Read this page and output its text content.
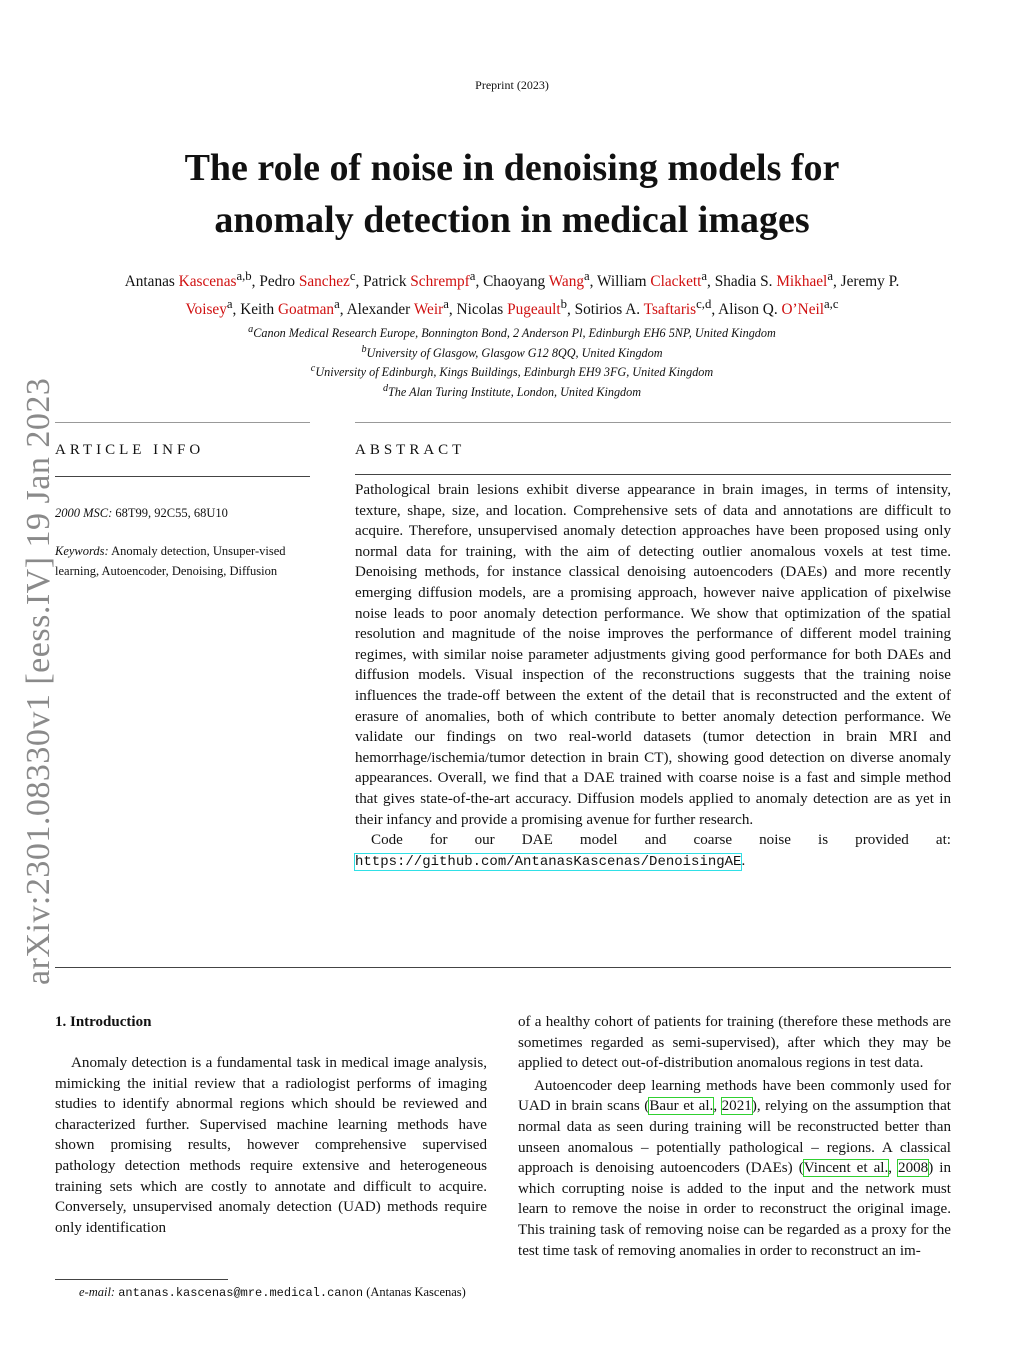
Preprint (2023)
The role of noise in denoising models for
anomaly detection in medical images
Antanas Kascenas$^{a,b}$, Pedro Sanchez$^c$, Patrick Schrempf$^a$, Chaoyang Wang$^a$, William Clackett$^a$, Shadia S. Mikhael$^a$, Jeremy P.
Voisey$^a$, Keith Goatman$^a$, Alexander Weir$^a$, Nicolas Pugeault$^b$, Sotirios A. Tsaftaris$^{c,d}$, Alison Q. O’Neil$^{a,c}$
$^a$Canon Medical Research Europe, Bonnington Bond, 2 Anderson Pl, Edinburgh EH6 5NP, United Kingdom
$^b$University of Glasgow, Glasgow G12 8QQ, United Kingdom
$^c$University of Edinburgh, Kings Buildings, Edinburgh EH9 3FG, United Kingdom
$^d$The Alan Turing Institute, London, United Kingdom
arXiv:2301.08330v1 [eess.IV] 19 Jan 2023
ARTICLE INFO
2000 MSC: 68T99, 92C55, 68U10
Keywords: Anomaly detection, Unsuper-vised learning, Autoencoder, Denoising, Diffusion
ABSTRACT

Pathological brain lesions exhibit diverse appearance in brain images, in terms of intensity, texture, shape, size, and location. Comprehensive sets of data and annotations are difficult to acquire. Therefore, unsupervised anomaly detection approaches have been proposed using only normal data for training, with the aim of detecting outlier anomalous voxels at test time. Denoising methods, for instance classical denoising autoencoders (DAEs) and more recently emerging diffusion models, are a promising approach, however naive application of pixelwise noise leads to poor anomaly detection performance. We show that optimization of the spatial resolution and magnitude of the noise improves the performance of different model training regimes, with similar noise parameter adjustments giving good performance for both DAEs and diffusion models. Visual inspection of the reconstructions suggests that the training noise influences the trade-off between the extent of the detail that is reconstructed and the extent of erasure of anomalies, both of which contribute to better anomaly detection performance. We validate our findings on two real-world datasets (tumor detection in brain MRI and hemorrhage/ischemia/tumor detection in brain CT), showing good detection on diverse anomaly appearances. Overall, we find that a DAE trained with coarse noise is a fast and simple method that gives state-of-the-art accuracy. Diffusion models applied to anomaly detection are as yet in their infancy and provide a promising avenue for further research.

Code for our DAE model and coarse noise is provided at: https://github.com/AntanasKascenas/DenoisingAE.

1. Introduction

Anomaly detection is a fundamental task in medical image analysis, mimicking the initial review that a radiologist performs of imaging studies to identify abnormal regions which should be reviewed and characterized further. Supervised machine learning methods have shown promising results, however comprehensive supervised pathology detection methods require extensive and heterogeneous training sets which are costly to annotate and difficult to acquire. Conversely, unsupervised anomaly detection (UAD) methods require only identification

of a healthy cohort of patients for training (therefore these methods are sometimes regarded as semi-supervised), after which they may be applied to detect out-of-distribution anomalous regions in test data.

Autoencoder deep learning methods have been commonly used for UAD in brain scans (Baur et al., 2021), relying on the assumption that normal data as seen during training will be reconstructed better than unseen anomalous – potentially pathological – regions. A classical approach is denoising autoencoders (DAEs) (Vincent et al., 2008) in which corrupting noise is added to the input and the network must learn to remove the noise in order to reconstruct the original image. This training task of removing noise can be regarded as a proxy for the test time task of removing anomalies in order to reconstruct an im-

e-mail: antanas.kascenas@mre.medical.canon (Antanas Kascenas)
